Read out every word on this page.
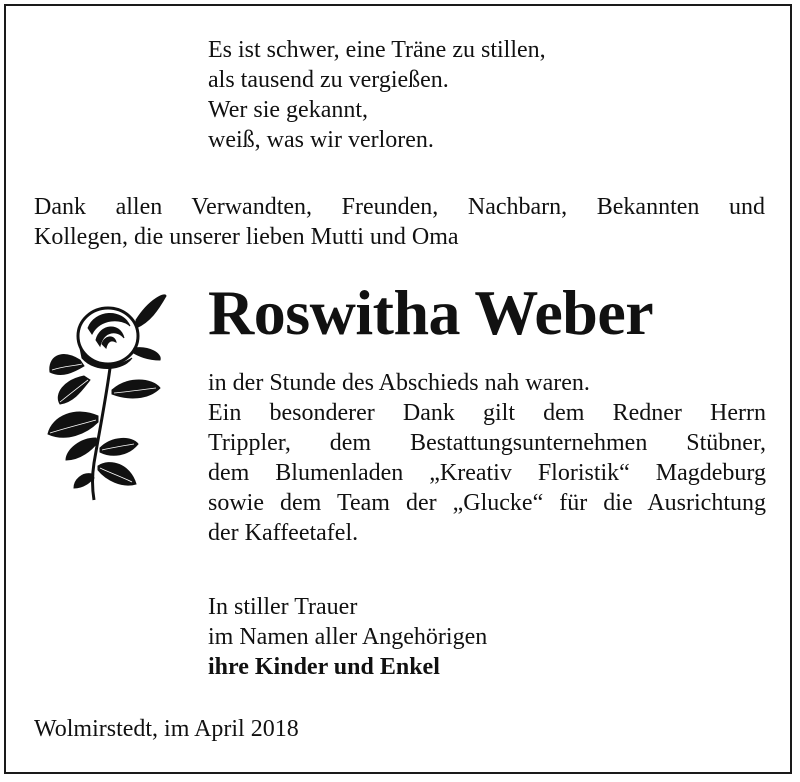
Es ist schwer, eine Träne zu stillen,
als tausend zu vergießen.
Wer sie gekannt,
weiß, was wir verloren.
Dank allen Verwandten, Freunden, Nachbarn, Bekannten und
Kollegen, die unserer lieben Mutti und Oma
Roswitha Weber
in der Stunde des Abschieds nah waren.
Ein besonderer Dank gilt dem Redner Herrn
Trippler, dem Bestattungsunternehmen Stübner,
dem Blumenladen „Kreativ Floristik“ Magdeburg
sowie dem Team der „Glucke“ für die Ausrichtung
der Kaffeetafel.
In stiller Trauer
im Namen aller Angehörigen
ihre Kinder und Enkel
Wolmirstedt, im April 2018
